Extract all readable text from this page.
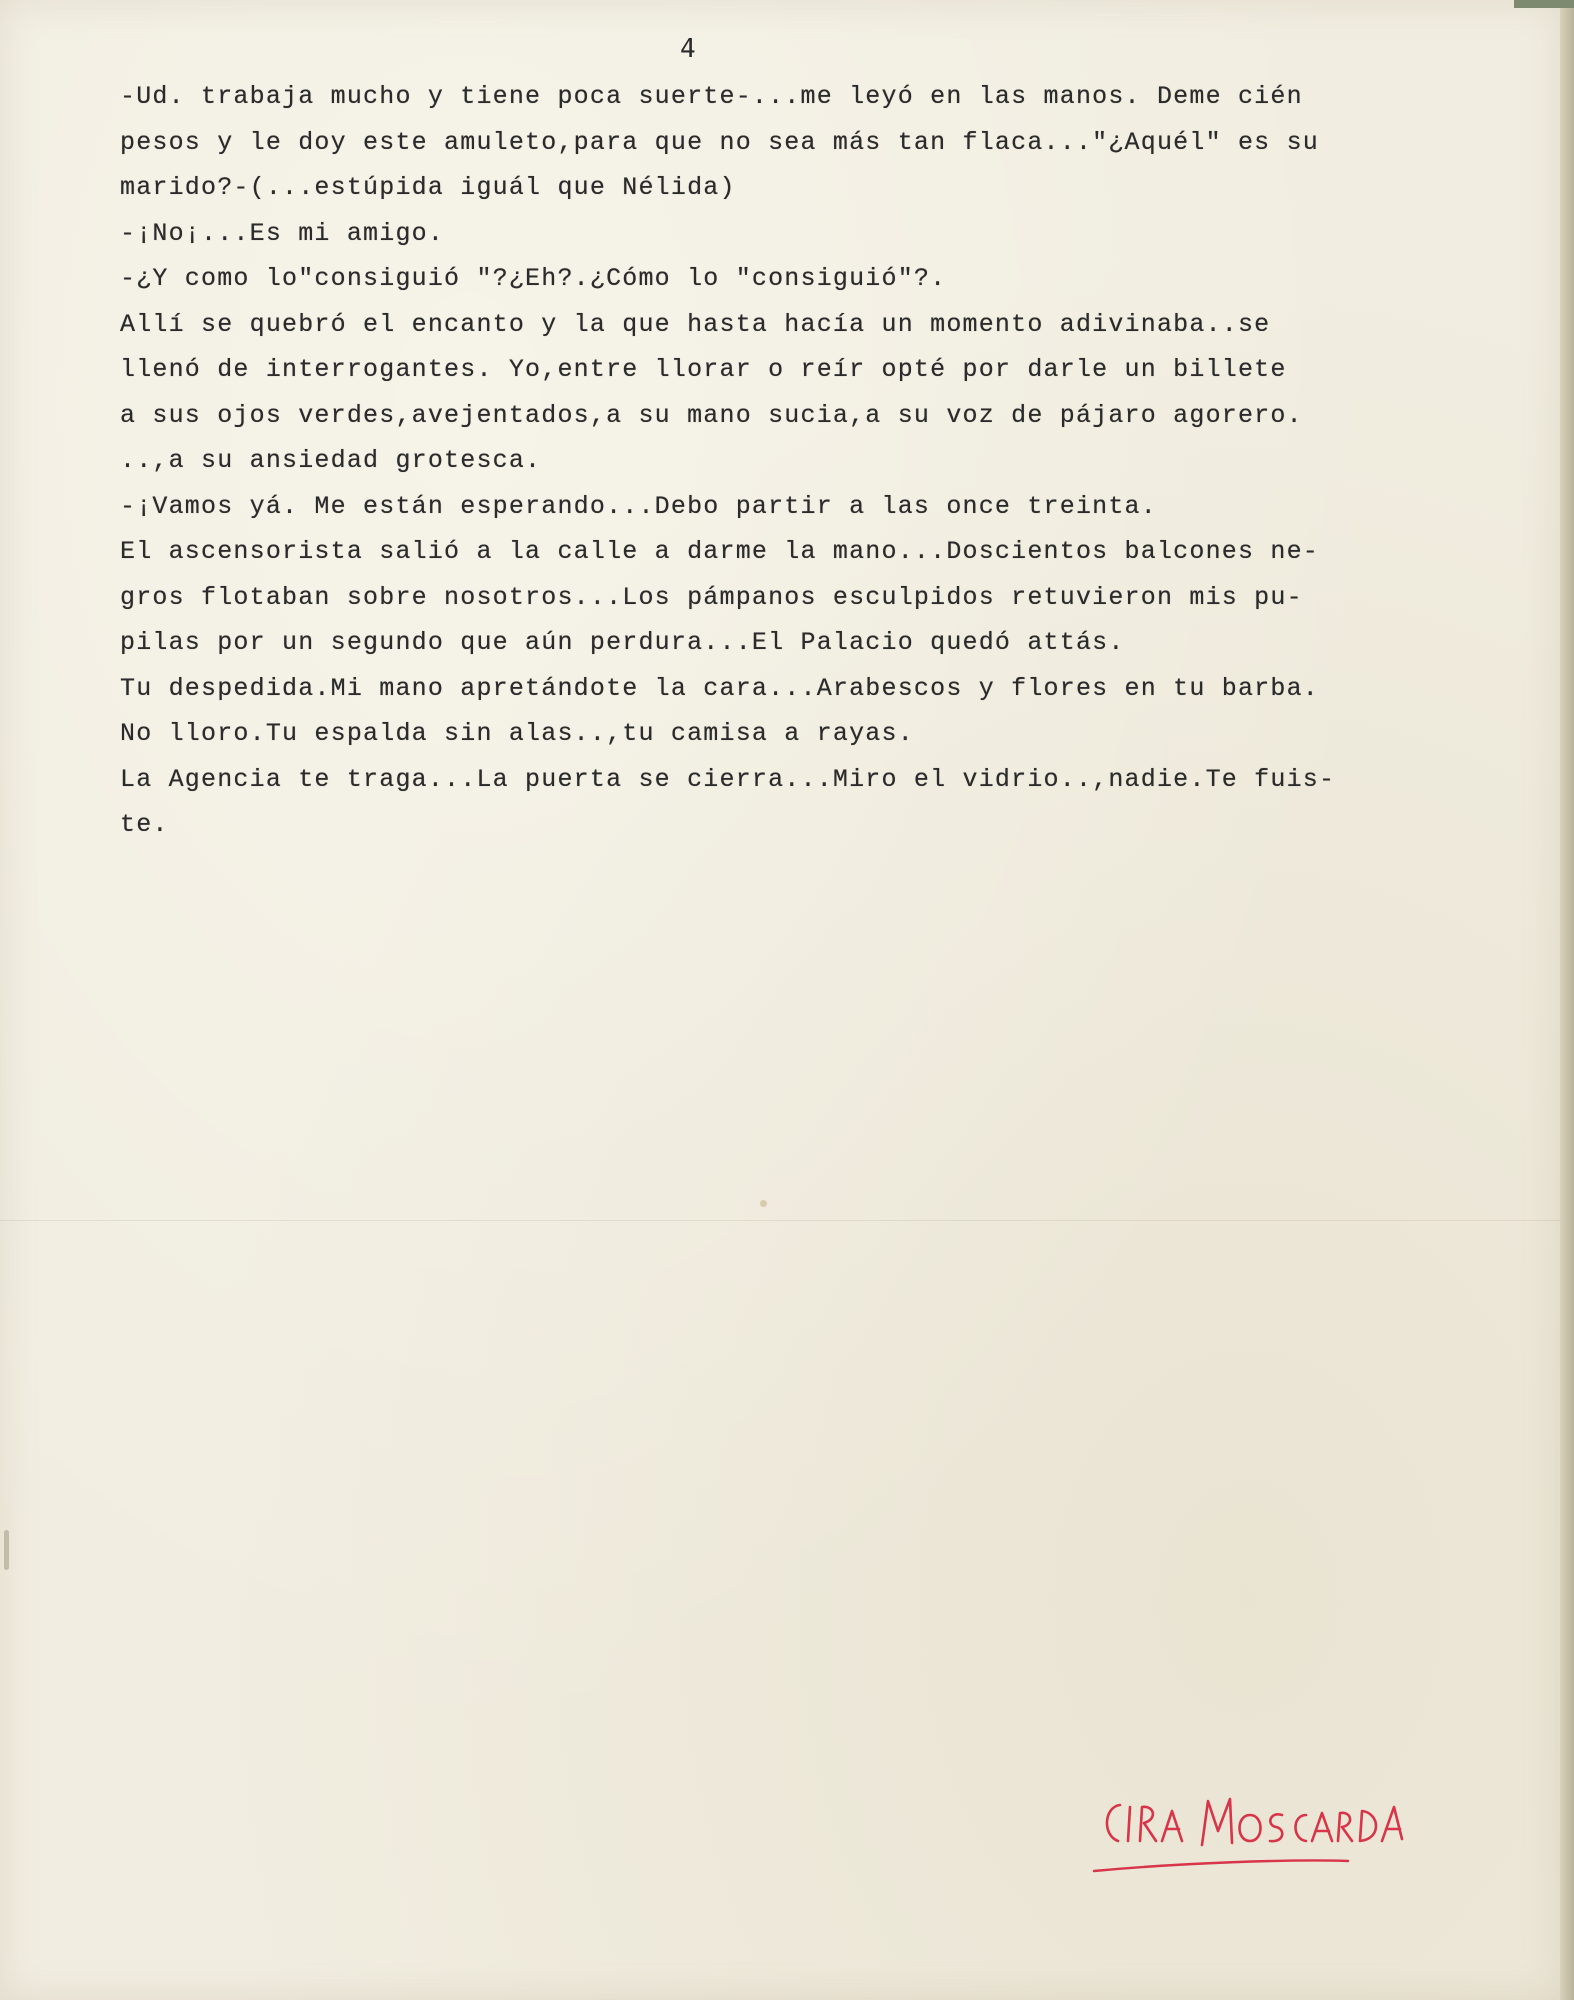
4
-Ud. trabaja mucho y tiene poca suerte-...me leyó en las manos. Deme cién
pesos y le doy este amuleto,para que no sea más tan flaca..."¿Aquél" es su
marido?-(...estúpida iguál que Nélida)
-¡No¡...Es mi amigo.
-¿Y como lo"consiguió "?¿Eh?.¿Cómo lo "consiguió"?.
Allí se quebró el encanto y la que hasta hacía un momento adivinaba..se
llenó de interrogantes. Yo,entre llorar o reír opté por darle un billete
a sus ojos verdes,avejentados,a su mano sucia,a su voz de pájaro agorero.
..,a su ansiedad grotesca.
-¡Vamos yá. Me están esperando...Debo partir a las once treinta.
El ascensorista salió a la calle a darme la mano...Doscientos balcones ne-
gros flotaban sobre nosotros...Los pámpanos esculpidos retuvieron mis pu-
pilas por un segundo que aún perdura...El Palacio quedó attás.
Tu despedida.Mi mano apretándote la cara...Arabescos y flores en tu barba.
No lloro.Tu espalda sin alas..,tu camisa a rayas.
La Agencia te traga...La puerta se cierra...Miro el vidrio..,nadie.Te fuis-
te.
